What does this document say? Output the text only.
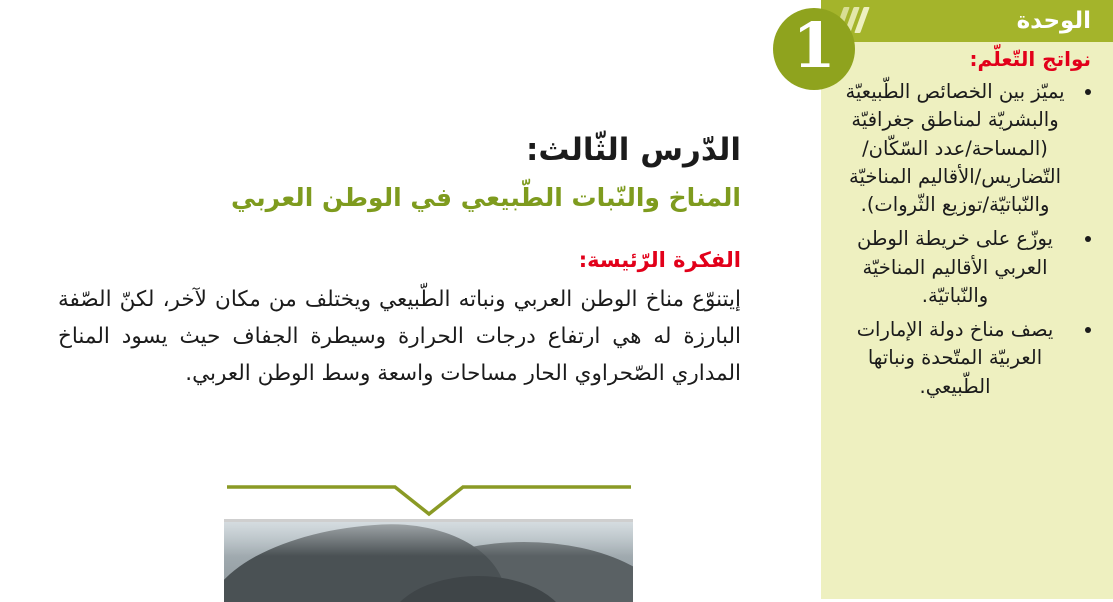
الدّرس الثّالث:
المناخ والنّبات الطّبيعي في الوطن العربي
الفكرة الرّئيسة:

إيتنوّع مناخ الوطن العربي ونباته الطّبيعي ويختلف من مكان لآخر، لكنّ الصّفة البارزة له هي ارتفاع درجات الحرارة وسيطرة الجفاف حيث يسود المناخ المداري الصّحراوي الحار مساحات واسعة وسط الوطن العربي.

الوحدة
1	نواتج التّعلّم:

يميّز بين الخصائص الطّبيعيّة والبشريّة لمناطق جغرافيّة (المساحة/عدد السّكّان/ التّضاريس/الأقاليم المناخيّة والنّباتيّة/توزيع الثّروات).
يوزّع على خريطة الوطن العربي الأقاليم المناخيّة والنّباتيّة.
يصف مناخ دولة الإمارات العربيّة المتّحدة ونباتها الطّبيعي.
